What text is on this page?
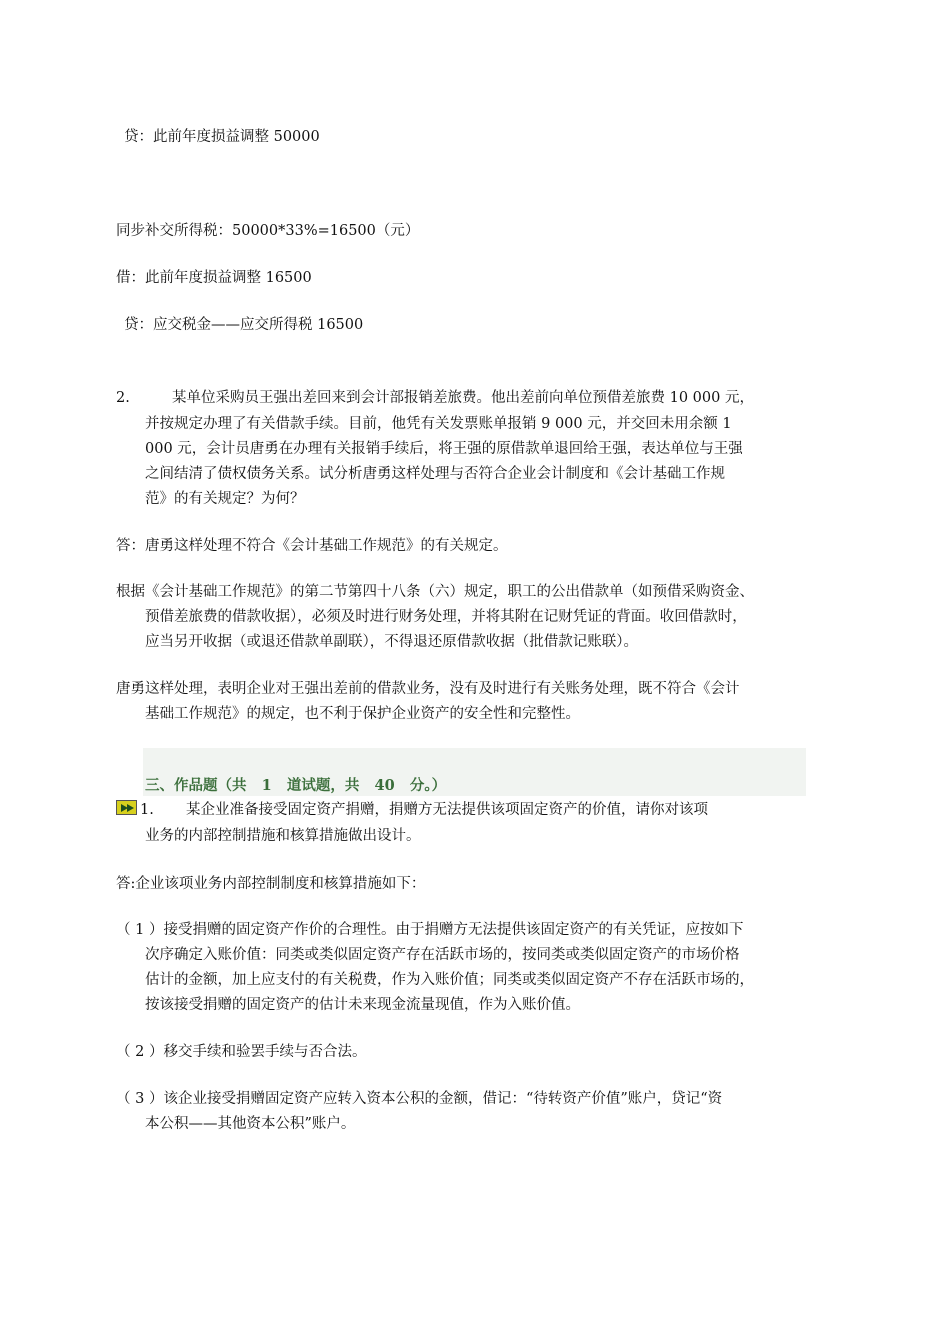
贷：此前年度损益调整 50000
同步补交所得税：50000*33%=16500（元）
借：此前年度损益调整 16500
贷：应交税金——应交所得税 16500
2.	某单位采购员王强出差回来到会计部报销差旅费。他出差前向单位预借差旅费 10 000 元，
并按规定办理了有关借款手续。目前，他凭有关发票账单报销 9 000 元，并交回未用余额 1
000 元，会计员唐勇在办理有关报销手续后，将王强的原借款单退回给王强，表达单位与王强
之间结清了债权债务关系。试分析唐勇这样处理与否符合企业会计制度和《会计基础工作规
范》的有关规定？为何？
答：唐勇这样处理不符合《会计基础工作规范》的有关规定。
根据《会计基础工作规范》的第二节第四十八条（六）规定，职工的公出借款单（如预借采购资金、
预借差旅费的借款收据），必须及时进行财务处理，并将其附在记财凭证的背面。收回借款时，
应当另开收据（或退还借款单副联），不得退还原借款收据（批借款记账联）。
唐勇这样处理，表明企业对王强出差前的借款业务，没有及时进行有关账务处理，既不符合《会计
基础工作规范》的规定，也不利于保护企业资产的安全性和完整性。
三、作品题（共   1   道试题，共   40   分。）
1. 某企业准备接受固定资产捐赠，捐赠方无法提供该项固定资产的价值，请你对该项
业务的内部控制措施和核算措施做出设计。
答:企业该项业务内部控制制度和核算措施如下：
（ 1 ）接受捐赠的固定资产作价的合理性。由于捐赠方无法提供该固定资产的有关凭证，应按如下
次序确定入账价值：同类或类似固定资产存在活跃市场的，按同类或类似固定资产的市场价格
估计的金额，加上应支付的有关税费，作为入账价值；同类或类似固定资产不存在活跃市场的，
按该接受捐赠的固定资产的估计未来现金流量现值，作为入账价值。
（ 2 ）移交手续和验罢手续与否合法。
（ 3 ）该企业接受捐赠固定资产应转入资本公积的金额，借记：“待转资产价值”账户，贷记“资
本公积——其他资本公积”账户。
